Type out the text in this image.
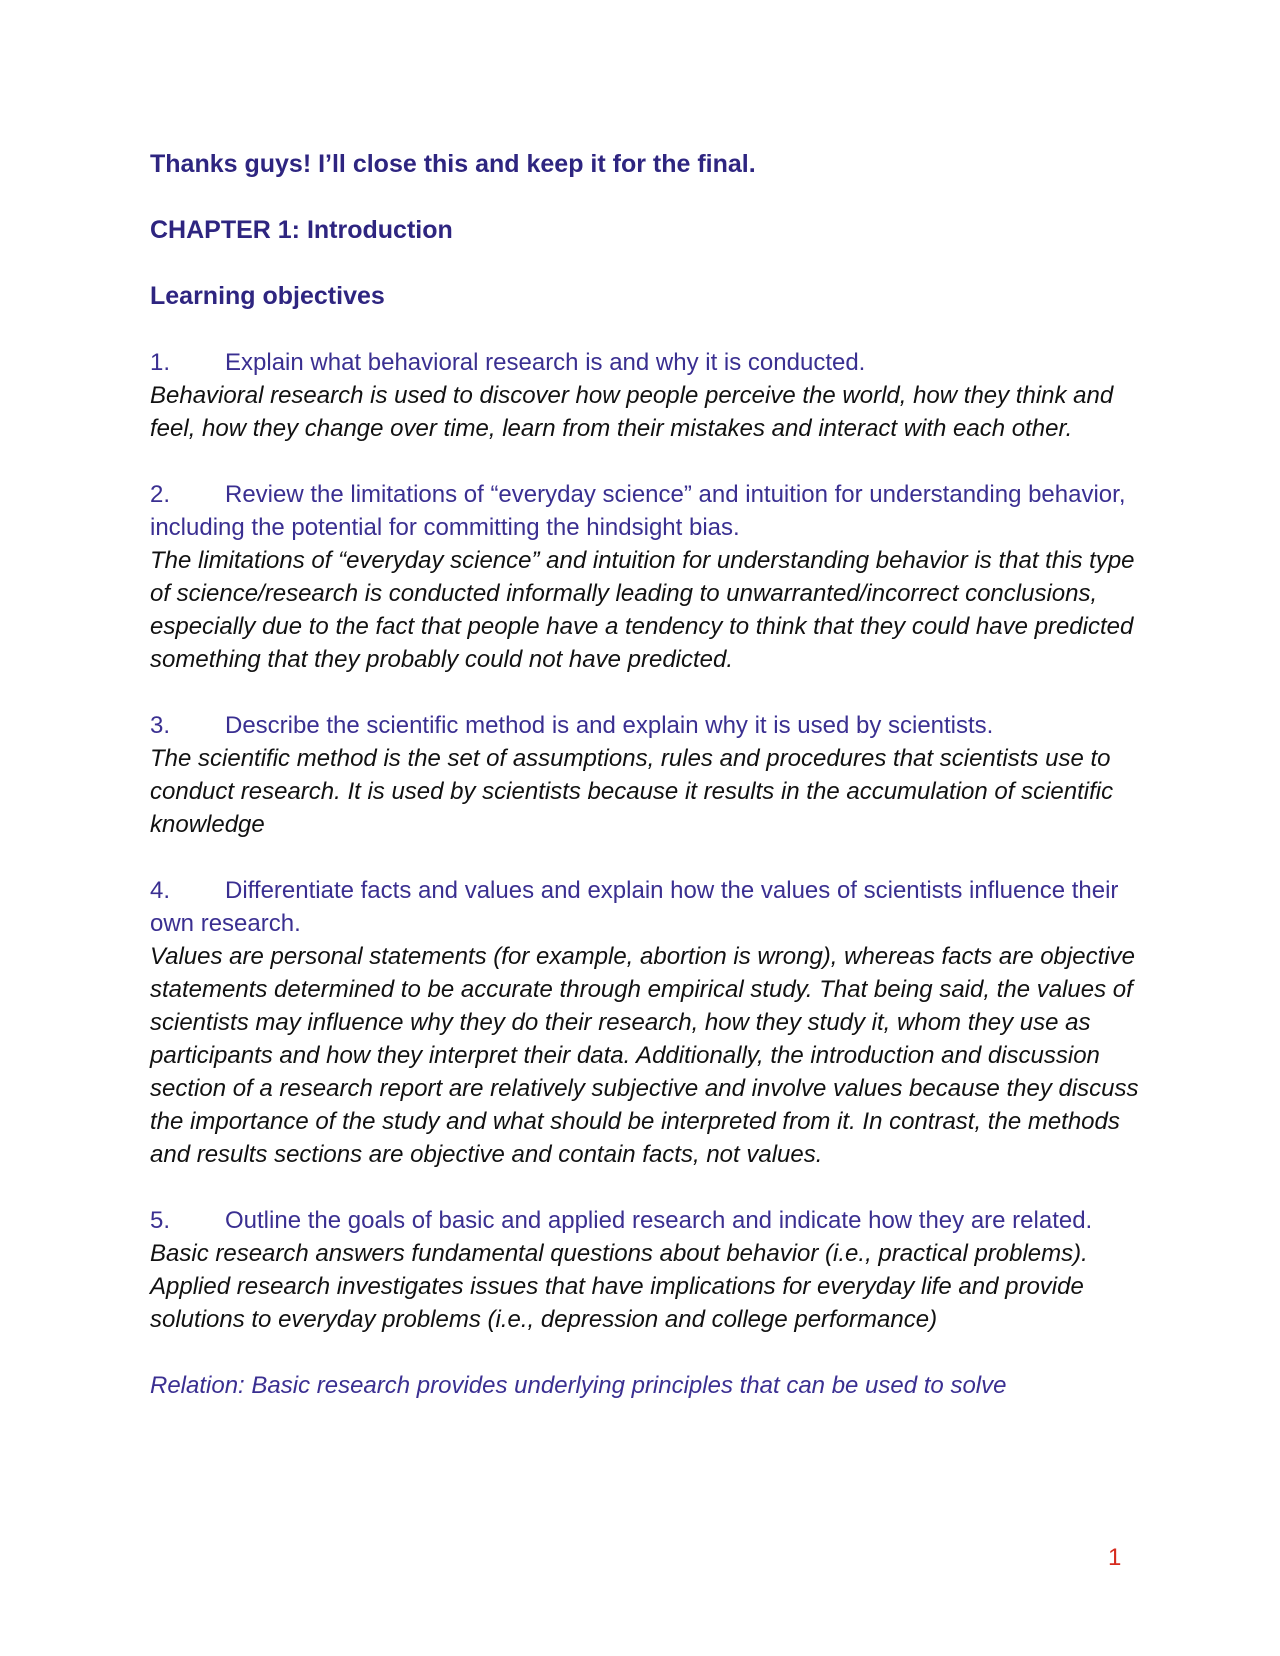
Thanks guys! I’ll close this and keep it for the final.

CHAPTER 1: Introduction

Learning objectives

1. Explain what behavioral research is and why it is conducted.

Behavioral research is used to discover how people perceive the world, how they think and feel, how they change over time, learn from their mistakes and interact with each other.

2. Review the limitations of “everyday science” and intuition for understanding behavior, including the potential for committing the hindsight bias.

The limitations of “everyday science” and intuition for understanding behavior is that this type of science/research is conducted informally leading to unwarranted/incorrect conclusions, especially due to the fact that people have a tendency to think that they could have predicted something that they probably could not have predicted.

3. Describe the scientific method is and explain why it is used by scientists.

The scientific method is the set of assumptions, rules and procedures that scientists use to conduct research. It is used by scientists because it results in the accumulation of scientific knowledge

4. Differentiate facts and values and explain how the values of scientists influence their own research.

Values are personal statements (for example, abortion is wrong), whereas facts are objective statements determined to be accurate through empirical study. That being said, the values of scientists may influence why they do their research, how they study it, whom they use as participants and how they interpret their data. Additionally, the introduction and discussion section of a research report are relatively subjective and involve values because they discuss the importance of the study and what should be interpreted from it. In contrast, the methods and results sections are objective and contain facts, not values.

5. Outline the goals of basic and applied research and indicate how they are related.

Basic research answers fundamental questions about behavior (i.e., practical problems). Applied research investigates issues that have implications for everyday life and provide solutions to everyday problems (i.e., depression and college performance)

Relation: Basic research provides underlying principles that can be used to solve

1
